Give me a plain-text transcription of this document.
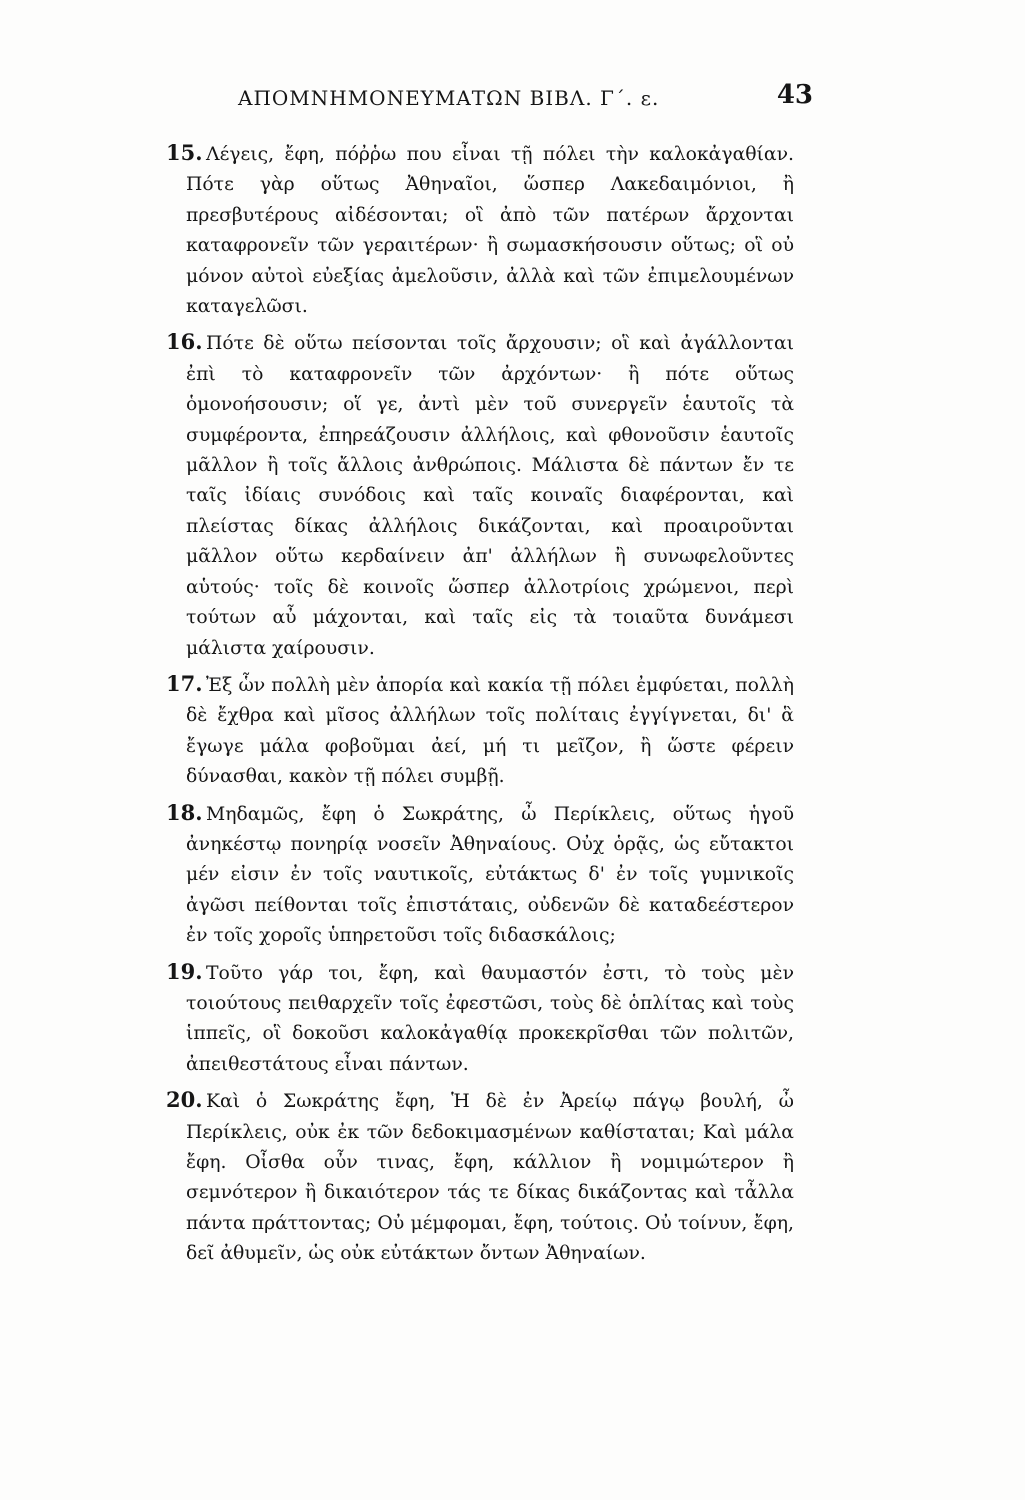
ΑΠΟΜΝΗΜΟΝΕΥΜΑΤΩΝ ΒΙΒΛ. Γ΄. ε.	43

15. Λέγεις, ἔφη, πόῤῥω που εἶναι τῇ πόλει τὴν καλοκἀγαθίαν. Πότε γὰρ οὕτως Ἀθηναῖοι, ὥσπερ Λακεδαιμόνιοι, ἢ πρεσβυτέρους αἰδέσονται; οἳ ἀπὸ τῶν πατέρων ἄρχονται καταφρονεῖν τῶν γεραιτέρων· ἢ σωμασκήσουσιν οὕτως; οἳ οὐ μόνον αὐτοὶ εὐεξίας ἀμελοῦσιν, ἀλλὰ καὶ τῶν ἐπιμελουμένων καταγελῶσι.

16. Πότε δὲ οὕτω πείσονται τοῖς ἄρχουσιν; οἳ καὶ ἀγάλλονται ἐπὶ τὸ καταφρονεῖν τῶν ἀρχόντων· ἢ πότε οὕτως ὁμονοήσουσιν; οἵ γε, ἀντὶ μὲν τοῦ συνεργεῖν ἑαυτοῖς τὰ συμφέροντα, ἐπηρεάζουσιν ἀλλήλοις, καὶ φθονοῦσιν ἑαυτοῖς μᾶλλον ἢ τοῖς ἄλλοις ἀνθρώποις. Μάλιστα δὲ πάντων ἔν τε ταῖς ἰδίαις συνόδοις καὶ ταῖς κοιναῖς διαφέρονται, καὶ πλείστας δίκας ἀλλήλοις δικάζονται, καὶ προαιροῦνται μᾶλλον οὕτω κερδαίνειν ἀπ' ἀλλήλων ἢ συνωφελοῦντες αὑτούς· τοῖς δὲ κοινοῖς ὥσπερ ἀλλοτρίοις χρώμενοι, περὶ τούτων αὖ μάχονται, καὶ ταῖς εἰς τὰ τοιαῦτα δυνάμεσι μάλιστα χαίρουσιν.

17. Ἐξ ὧν πολλὴ μὲν ἀπορία καὶ κακία τῇ πόλει ἐμφύεται, πολλὴ δὲ ἔχθρα καὶ μῖσος ἀλλήλων τοῖς πολίταις ἐγγίγνεται, δι' ἃ ἔγωγε μάλα φοβοῦμαι ἀεί, μή τι μεῖζον, ἢ ὥστε φέρειν δύνασθαι, κακὸν τῇ πόλει συμβῇ.

18. Μηδαμῶς, ἔφη ὁ Σωκράτης, ὦ Περίκλεις, οὕτως ἡγοῦ ἀνηκέστῳ πονηρίᾳ νοσεῖν Ἀθηναίους. Οὐχ ὁρᾷς, ὡς εὔτακτοι μέν εἰσιν ἐν τοῖς ναυτικοῖς, εὐτάκτως δ' ἐν τοῖς γυμνικοῖς ἀγῶσι πείθονται τοῖς ἐπιστάταις, οὐδενῶν δὲ καταδεέστερον ἐν τοῖς χοροῖς ὑπηρετοῦσι τοῖς διδασκάλοις;

19. Τοῦτο γάρ τοι, ἔφη, καὶ θαυμαστόν ἐστι, τὸ τοὺς μὲν τοιούτους πειθαρχεῖν τοῖς ἐφεστῶσι, τοὺς δὲ ὁπλίτας καὶ τοὺς ἱππεῖς, οἳ δοκοῦσι καλοκἀγαθίᾳ προκεκρῖσθαι τῶν πολιτῶν, ἀπειθεστάτους εἶναι πάντων.

20. Καὶ ὁ Σωκράτης ἔφη, Ἡ δὲ ἐν Ἀρείῳ πάγῳ βουλή, ὦ Περίκλεις, οὐκ ἐκ τῶν δεδοκιμασμένων καθίσταται; Καὶ μάλα ἔφη. Οἶσθα οὖν τινας, ἔφη, κάλλιον ἢ νομιμώτερον ἢ σεμνότερον ἢ δικαιότερον τάς τε δίκας δικάζοντας καὶ τἆλλα πάντα πράττοντας; Οὐ μέμφομαι, ἔφη, τούτοις. Οὐ τοίνυν, ἔφη, δεῖ ἀθυμεῖν, ὡς οὐκ εὐτάκτων ὄντων Ἀθηναίων.
